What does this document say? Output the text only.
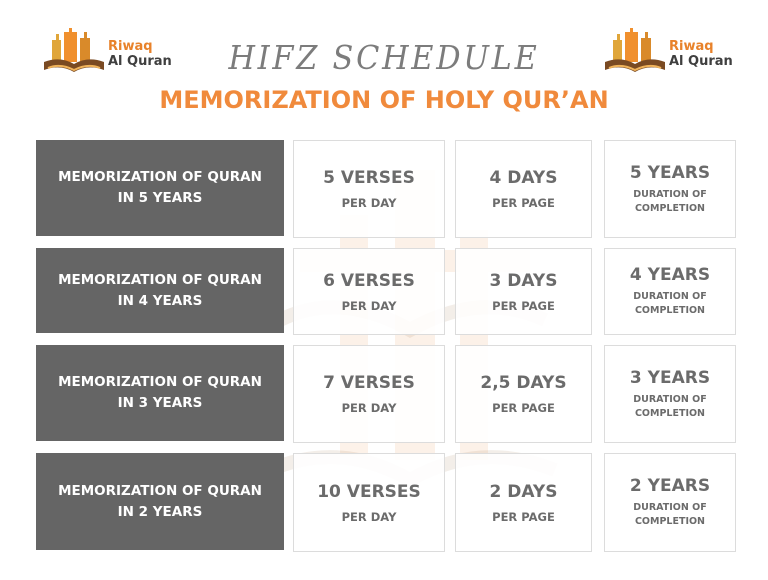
Riwaq
Al Quran
Riwaq
Al Quran
HIFZ SCHEDULE
MEMORIZATION OF HOLY QUR’AN
MEMORIZATION OF QURAN
IN 5 YEARS
5 VERSES
PER DAY
4 DAYS
PER PAGE
5 YEARS
DURATION OF
COMPLETION
MEMORIZATION OF QURAN
IN 4 YEARS
6 VERSES
PER DAY
3 DAYS
PER PAGE
4 YEARS
DURATION OF
COMPLETION
MEMORIZATION OF QURAN
IN 3 YEARS
7 VERSES
PER DAY
2,5 DAYS
PER PAGE
3 YEARS
DURATION OF
COMPLETION
MEMORIZATION OF QURAN
IN 2 YEARS
10 VERSES
PER DAY
2 DAYS
PER PAGE
2 YEARS
DURATION OF
COMPLETION
